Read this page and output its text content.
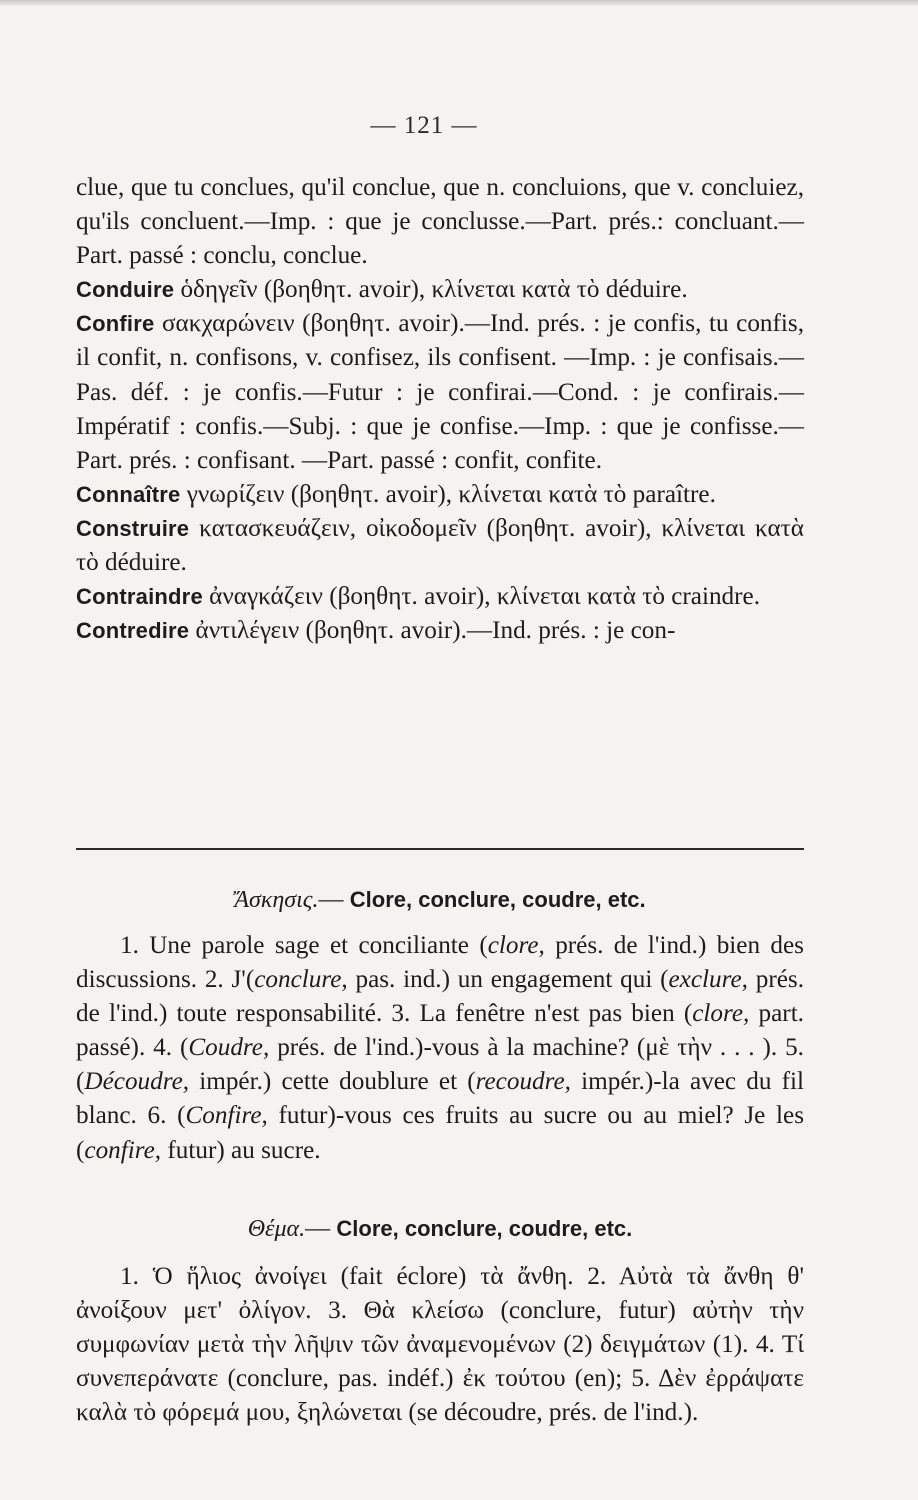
— 121 —

clue, que tu conclues, qu'il conclue, que n. concluions, que v. concluiez, qu'ils concluent.—Imp. : que je conclusse.—Part. prés.: concluant.—Part. passé : conclu, conclue.

Conduire ὁδηγεῖν (βοηθητ. avoir), κλίνεται κατὰ τὸ déduire.

Confire σακχαρώνειν (βοηθητ. avoir).—Ind. prés. : je confis, tu confis, il confit, n. confisons, v. confisez, ils confisent. —Imp. : je confisais.—Pas. déf. : je confis.—Futur : je confirai.—Cond. : je confirais.—Impératif : confis.—Subj. : que je confise.—Imp. : que je confisse.—Part. prés. : confisant. —Part. passé : confit, confite.

Connaître γνωρίζειν (βοηθητ. avoir), κλίνεται κατὰ τὸ paraître.

Construire κατασκευάζειν, οἰκοδομεῖν (βοηθητ. avoir), κλίνεται κατὰ τὸ déduire.

Contraindre ἀναγκάζειν (βοηθητ. avoir), κλίνεται κατὰ τὸ craindre.

Contredire ἀντιλέγειν (βοηθητ. avoir).—Ind. prés. : je con-

Ἄσκησις.— Clore, conclure, coudre, etc.

1. Une parole sage et conciliante (clore, prés. de l'ind.) bien des discussions. 2. J'(conclure, pas. ind.) un engagement qui (exclure, prés. de l'ind.) toute responsabilité. 3. La fenêtre n'est pas bien (clore, part. passé). 4. (Coudre, prés. de l'ind.)-vous à la machine? (μὲ τὴν . . . ). 5. (Découdre, impér.) cette doublure et (recoudre, impér.)-la avec du fil blanc. 6. (Confire, futur)-vous ces fruits au sucre ou au miel? Je les (confire, futur) au sucre.

Θέμα.— Clore, conclure, coudre, etc.

1. Ὁ ἥλιος ἀνοίγει (fait éclore) τὰ ἄνθη. 2. Αὐτὰ τὰ ἄνθη θ' ἀνοίξουν μετ' ὀλίγον. 3. Θὰ κλείσω (conclure, futur) αὐτὴν τὴν συμφωνίαν μετὰ τὴν λῆψιν τῶν ἀναμενομένων (2) δειγμάτων (1). 4. Τί συνεπεράνατε (conclure, pas. indéf.) ἐκ τούτου (en); 5. Δὲν ἐρράψατε καλὰ τὸ φόρεμά μου, ξηλώνεται (se découdre, prés. de l'ind.).
